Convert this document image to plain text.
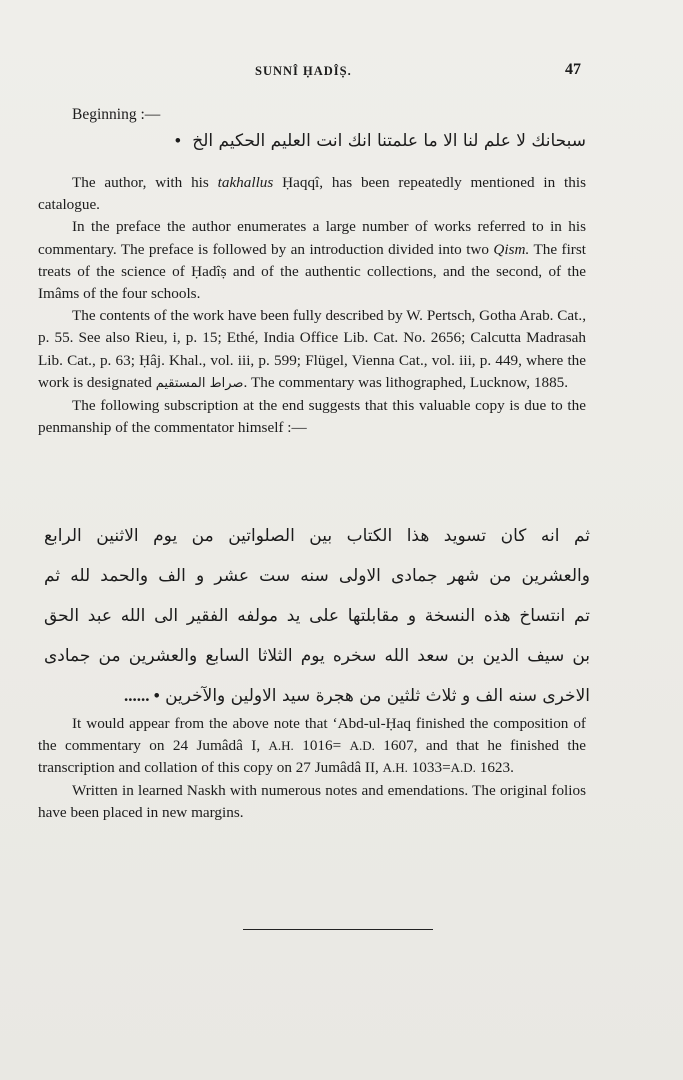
SUNNÎ ḤADÎṢ.	47
Beginning :—
سبحانك لا علم لنا الا ما علمتنا انك انت العليم الحكيم الخ •

The author, with his takhallus Ḥaqqî, has been repeatedly mentioned in this catalogue.

In the preface the author enumerates a large number of works referred to in his commentary. The preface is followed by an introduction divided into two Qism. The first treats of the science of Ḥadîṣ and of the authentic collections, and the second, of the Imâms of the four schools.

The contents of the work have been fully described by W. Pertsch, Gotha Arab. Cat., p. 55. See also Rieu, i, p. 15; Ethé, India Office Lib. Cat. No. 2656; Calcutta Madrasah Lib. Cat., p. 63; Ḥâj. Khal., vol. iii, p. 599; Flügel, Vienna Cat., vol. iii, p. 449, where the work is designated صراط المستقيم. The commentary was lithographed, Lucknow, 1885.

The following subscription at the end suggests that this valuable copy is due to the penmanship of the commentator himself :—

ثم انه کان تسوید هذا الکتاب بین الصلواتین من یوم الاثنین الرابع
والعشرین من شهر جمادی الاولی سنه ست عشر و الف والحمد لله ثم
تم انتساخ هذه النسخة و مقابلتها علی ید مولفه الفقیر الی الله عبد الحق
بن سیف الدین بن سعد الله سخره یوم الثلاثا السابع والعشرین من جمادی
الاخری سنه الف و ثلاث ثلثین من هجرة سید الاولین والآخرین ...... •

It would appear from the above note that ‘Abd-ul-Ḥaq finished the composition of the commentary on 24 Jumâdâ I, A.H. 1016= A.D. 1607, and that he finished the transcription and collation of this copy on 27 Jumâdâ II, A.H. 1033=A.D. 1623.

Written in learned Naskh with numerous notes and emendations. The original folios have been placed in new margins.
